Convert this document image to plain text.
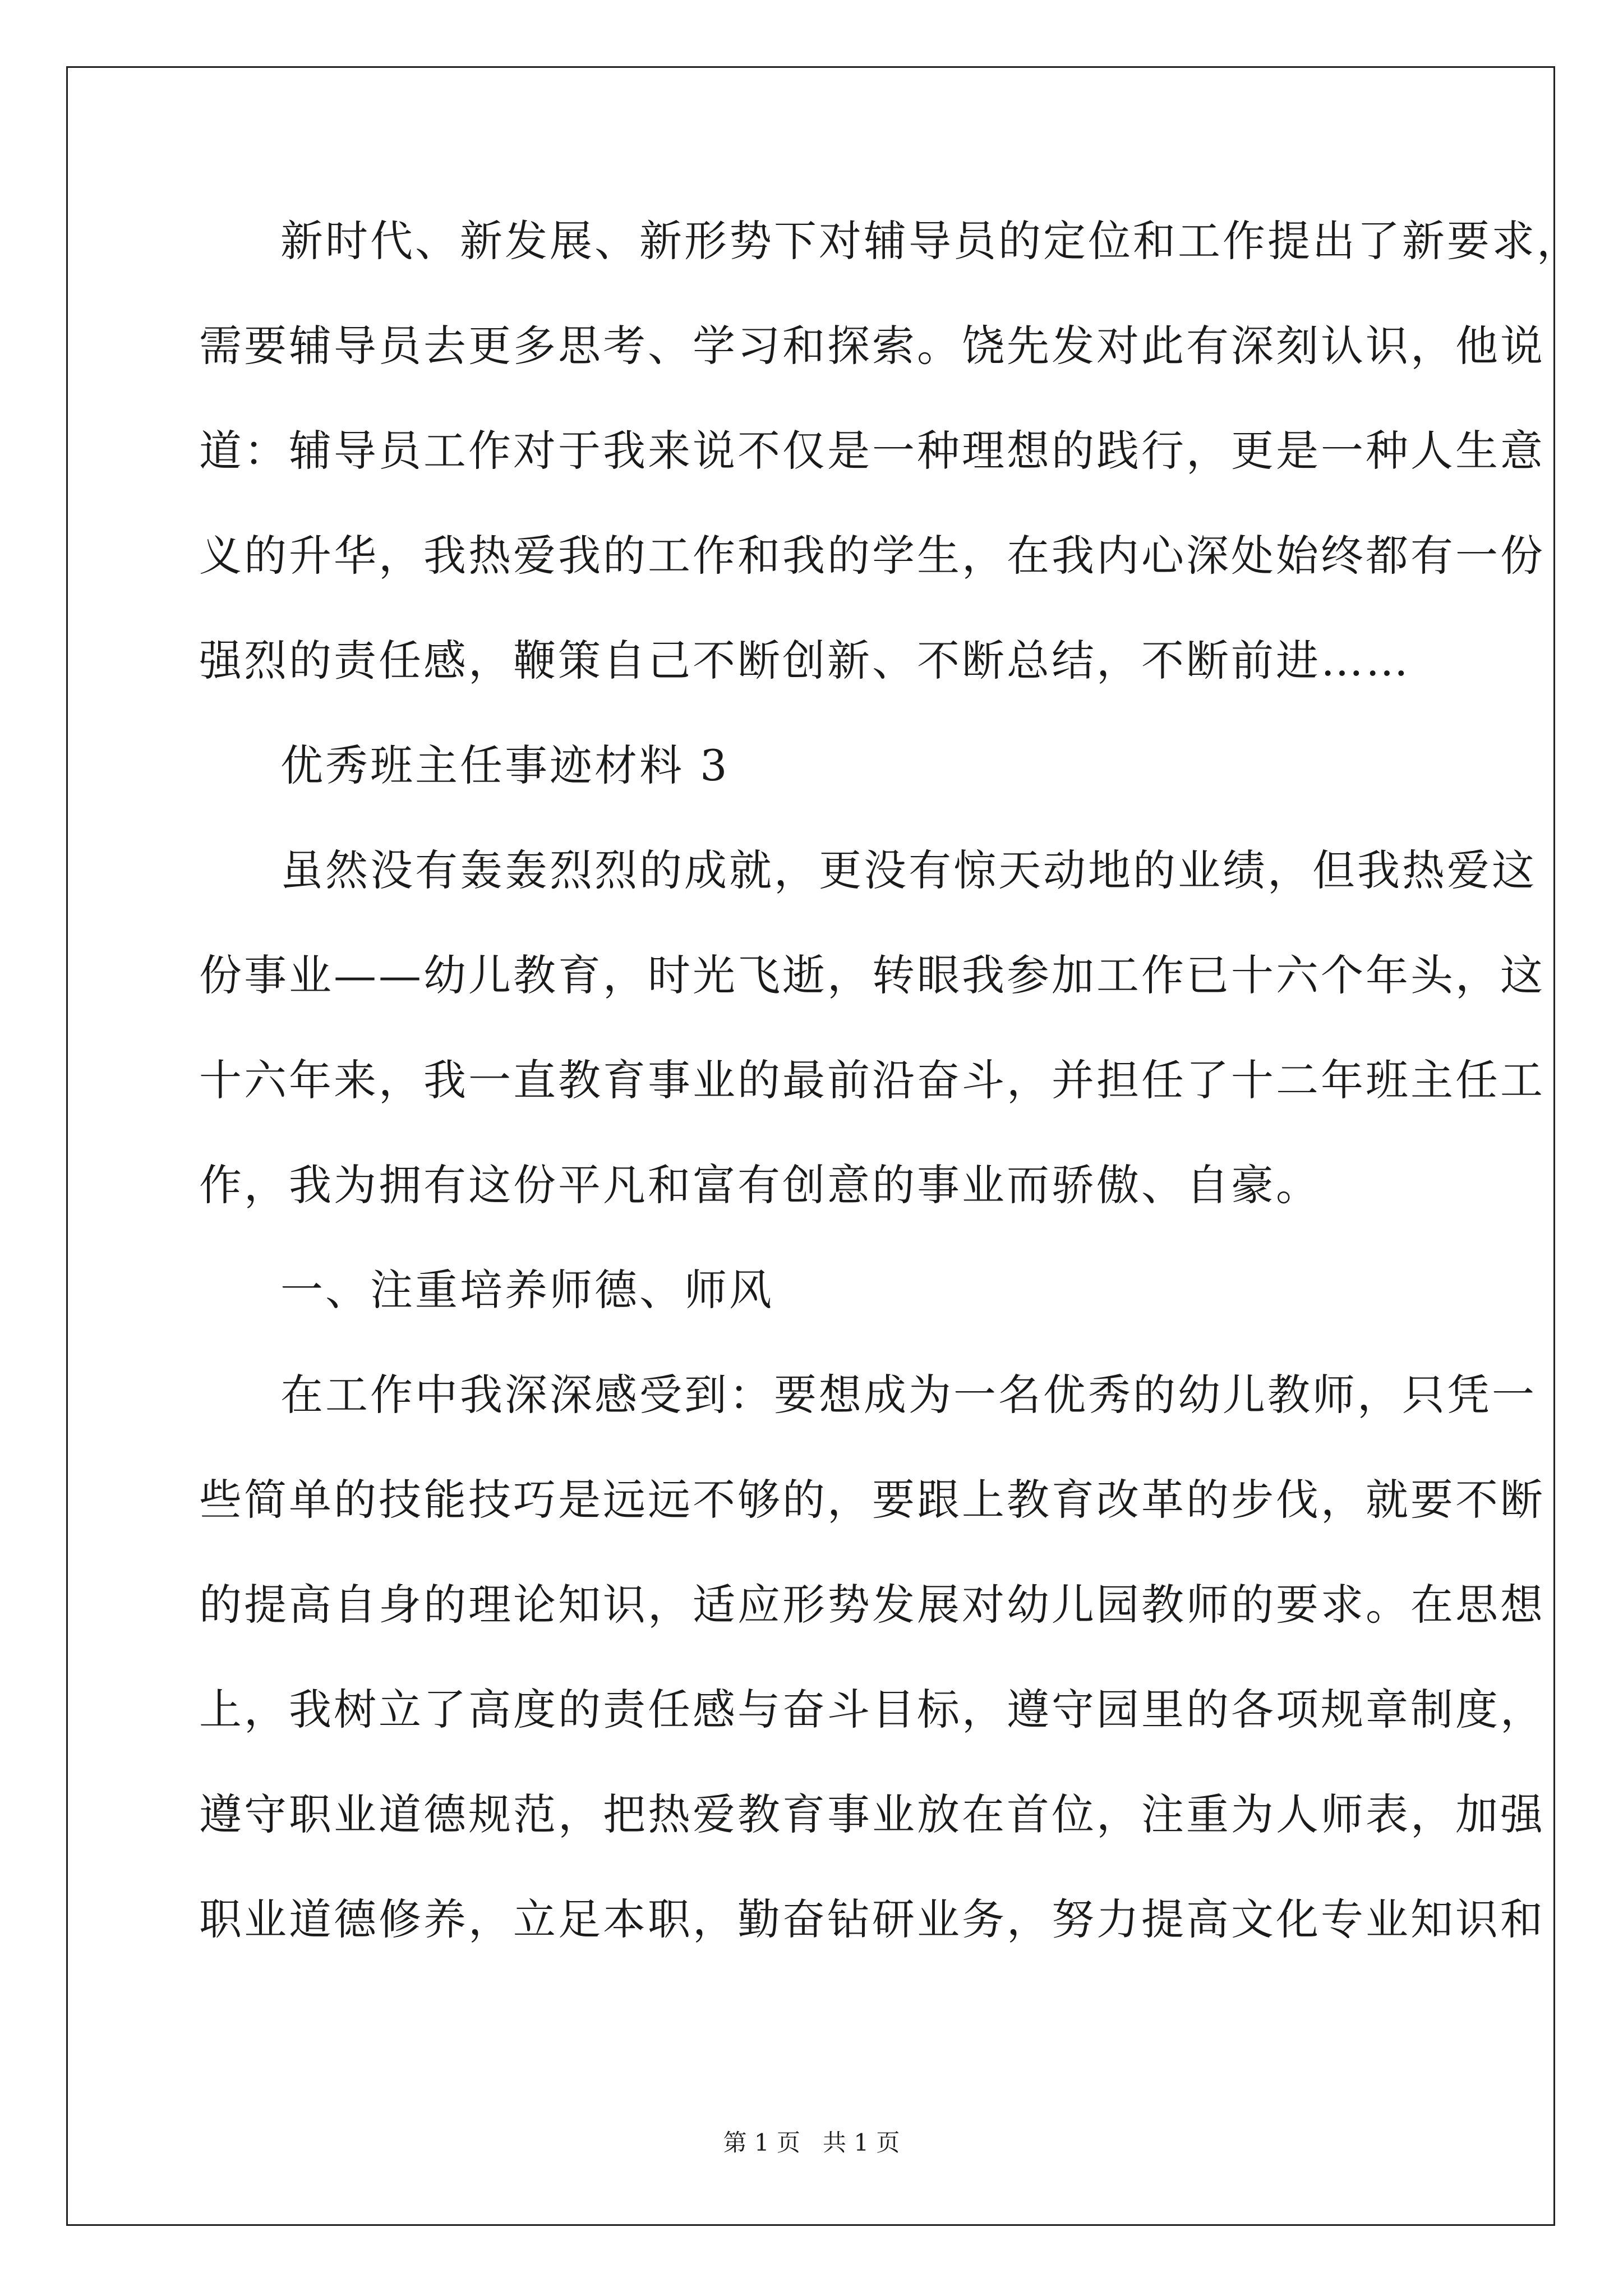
新时代、新发展、新形势下对辅导员的定位和工作提出了新要求，
需要辅导员去更多思考、学习和探索。饶先发对此有深刻认识，他说
道：辅导员工作对于我来说不仅是一种理想的践行，更是一种人生意
义的升华，我热爱我的工作和我的学生，在我内心深处始终都有一份
强烈的责任感，鞭策自己不断创新、不断总结，不断前进……
优秀班主任事迹材料 3
虽然没有轰轰烈烈的成就，更没有惊天动地的业绩，但我热爱这
份事业——幼儿教育，时光飞逝，转眼我参加工作已十六个年头，这
十六年来，我一直教育事业的最前沿奋斗，并担任了十二年班主任工
作，我为拥有这份平凡和富有创意的事业而骄傲、自豪。
一、注重培养师德、师风
在工作中我深深感受到：要想成为一名优秀的幼儿教师，只凭一
些简单的技能技巧是远远不够的，要跟上教育改革的步伐，就要不断
的提高自身的理论知识，适应形势发展对幼儿园教师的要求。在思想
上，我树立了高度的责任感与奋斗目标，遵守园里的各项规章制度，
遵守职业道德规范，把热爱教育事业放在首位，注重为人师表，加强
职业道德修养，立足本职，勤奋钻研业务，努力提高文化专业知识和
第 1 页 共 1 页
